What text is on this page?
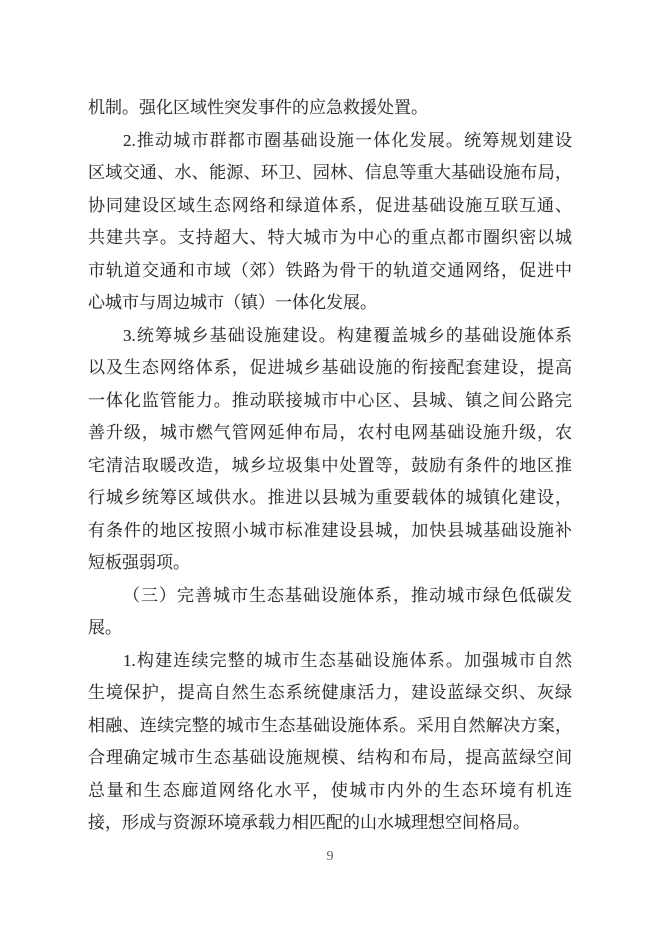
机制。强化区域性突发事件的应急救援处置。
2.推动城市群都市圈基础设施一体化发展。统筹规划建设
区域交通、水、能源、环卫、园林、信息等重大基础设施布局，
协同建设区域生态网络和绿道体系，促进基础设施互联互通、
共建共享。支持超大、特大城市为中心的重点都市圈织密以城
市轨道交通和市域（郊）铁路为骨干的轨道交通网络，促进中
心城市与周边城市（镇）一体化发展。
3.统筹城乡基础设施建设。构建覆盖城乡的基础设施体系
以及生态网络体系，促进城乡基础设施的衔接配套建设，提高
一体化监管能力。推动联接城市中心区、县城、镇之间公路完
善升级，城市燃气管网延伸布局，农村电网基础设施升级，农
宅清洁取暖改造，城乡垃圾集中处置等，鼓励有条件的地区推
行城乡统筹区域供水。推进以县城为重要载体的城镇化建设，
有条件的地区按照小城市标准建设县城，加快县城基础设施补
短板强弱项。
（三）完善城市生态基础设施体系，推动城市绿色低碳发
展。
1.构建连续完整的城市生态基础设施体系。加强城市自然
生境保护，提高自然生态系统健康活力，建设蓝绿交织、灰绿
相融、连续完整的城市生态基础设施体系。采用自然解决方案，
合理确定城市生态基础设施规模、结构和布局，提高蓝绿空间
总量和生态廊道网络化水平，使城市内外的生态环境有机连
接，形成与资源环境承载力相匹配的山水城理想空间格局。
9
